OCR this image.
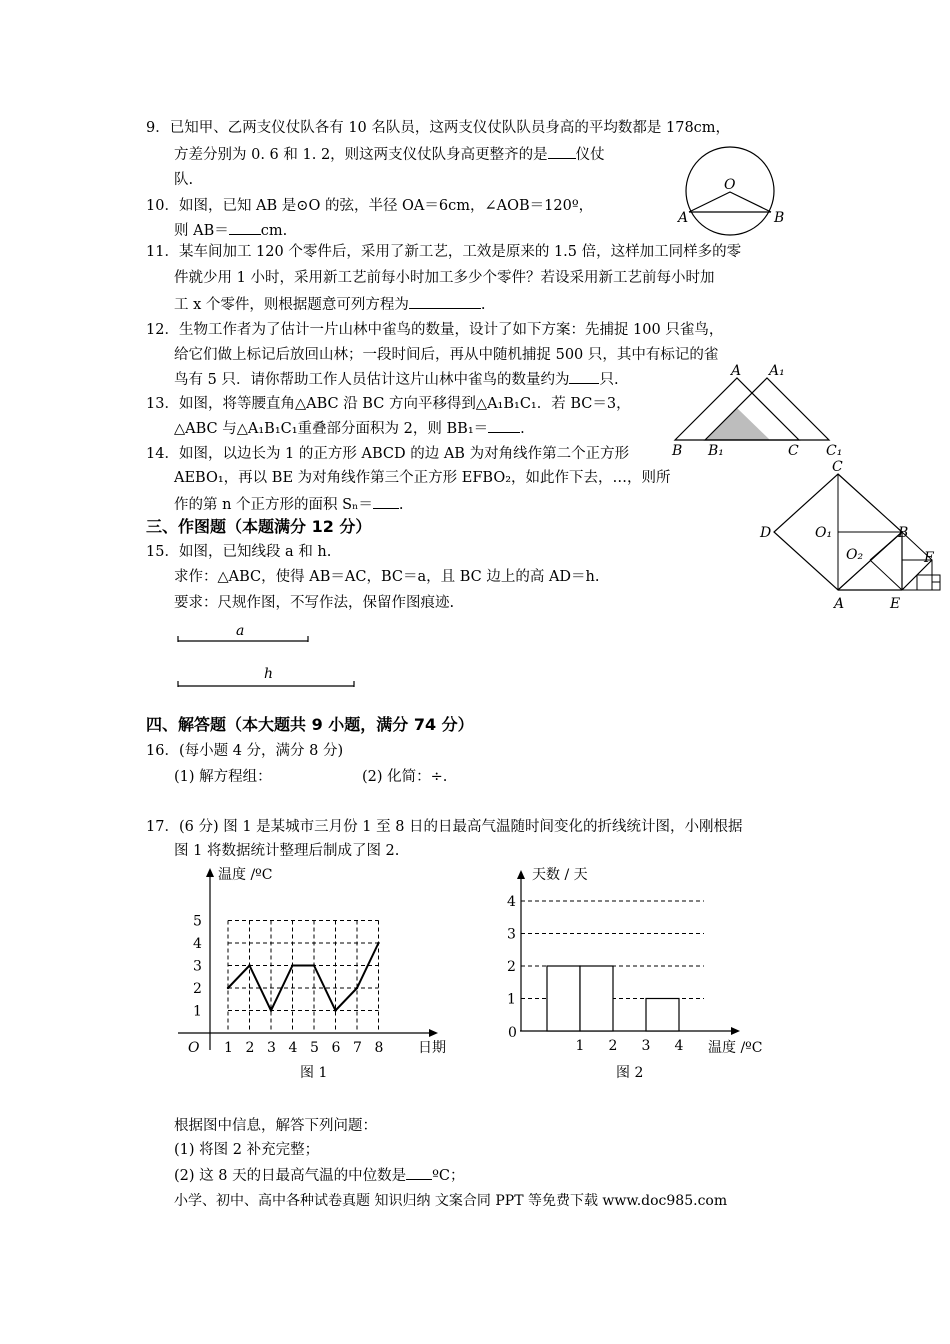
9．已知甲、乙两支仪仗队各有 10 名队员，这两支仪仗队队员身高的平均数都是 178cm，
方差分别为 0. 6 和 1. 2，则这两支仪仗队身高更整齐的是 仪仗
队.
10．如图，已知 AB 是⊙O 的弦，半径 OA＝6cm，∠AOB＝120º，
则 AB＝ cm.
O
A	B
11．某车间加工 120 个零件后，采用了新工艺，工效是原来的 1.5 倍，这样加工同样多的零
件就少用 1 小时，采用新工艺前每小时加工多少个零件？若设采用新工艺前每小时加
工 x 个零件，则根据题意可列方程为	.
12．生物工作者为了估计一片山林中雀鸟的数量，设计了如下方案：先捕捉 100 只雀鸟，
给它们做上标记后放回山林；一段时间后，再从中随机捕捉 500 只，其中有标记的雀
鸟有 5 只．请你帮助工作人员估计这片山林中雀鸟的数量约为 只.
13．如图，将等腰直角△ABC 沿 BC 方向平移得到△A₁B₁C₁．若 BC＝3，
△ABC 与△A₁B₁C₁重叠部分面积为 2，则 BB₁＝ .
A A₁
B B₁	C C₁
14．如图，以边长为 1 的正方形 ABCD 的边 AB 为对角线作第二个正方形
AEBO₁，再以 BE 为对角线作第三个正方形 EFBO₂，如此作下去，…，则所
作的第 n 个正方形的面积 Sₙ＝ .
C
D	O₁	B
O₂	F
A	E
三、作图题（本题满分 12 分）
15．如图，已知线段 a 和 h.
求作：△ABC，使得 AB＝AC，BC＝a，且 BC 边上的高 AD＝h.
要求：尺规作图，不写作法，保留作图痕迹.
a
h
四、解答题（本大题共 9 小题，满分 74 分）
16．(每小题 4 分，满分 8 分)
(1) 解方程组：	(2) 化简：÷.
17．(6 分) 图 1 是某城市三月份 1 至 8 日的日最高气温随时间变化的折线统计图，小刚根据
图 1 将数据统计整理后制成了图 2.
1
2
3
4
5
1 2 3 4 5 6 7 8
温度 /ºC
日期
O
图 1
0
1
2
3
4
1 2 3 4
天数 / 天
温度 /ºC
图 2
根据图中信息，解答下列问题：
(1) 将图 2 补充完整；
(2) 这 8 天的日最高气温的中位数是 ºC；
小学、初中、高中各种试卷真题 知识归纳 文案合同 PPT 等免费下载 www.doc985.com
